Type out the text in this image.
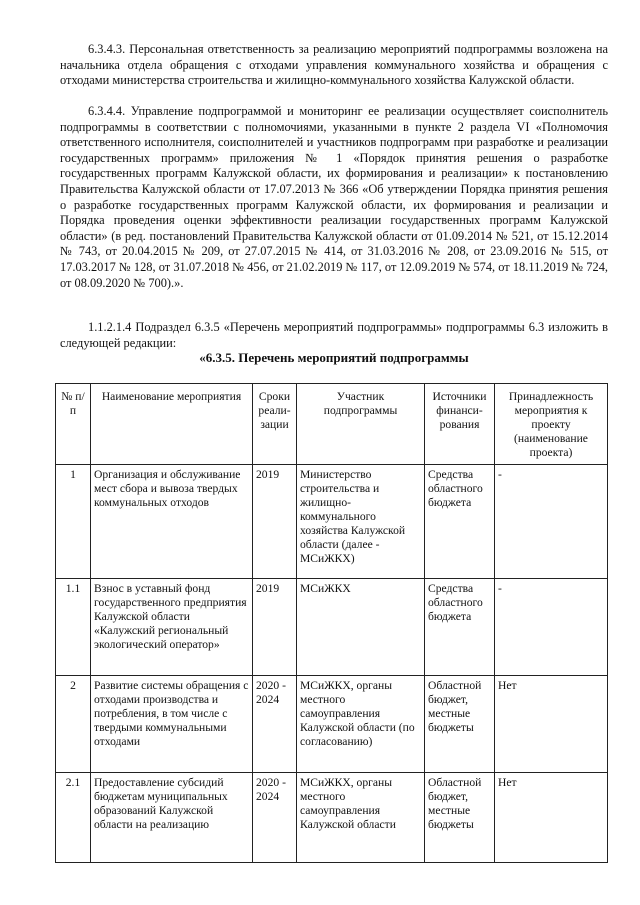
6.3.4.3. Персональная ответственность за реализацию мероприятий подпрограммы возложена на начальника отдела обращения с отходами управления коммунального хозяйства и обращения с отходами министерства строительства и жилищно-коммунального хозяйства Калужской области.

6.3.4.4. Управление подпрограммой и мониторинг ее реализации осуществляет соисполнитель подпрограммы в соответствии с полномочиями, указанными в пункте 2 раздела VI «Полномочия ответственного исполнителя, соисполнителей и участников подпрограмм при разработке и реализации государственных программ» приложения № 1 «Порядок принятия решения о разработке государственных программ Калужской области, их формирования и реализации» к постановлению Правительства Калужской области от 17.07.2013 № 366 «Об утверждении Порядка принятия решения о разработке государственных программ Калужской области, их формирования и реализации и Порядка проведения оценки эффективности реализации государственных программ Калужской области» (в ред. постановлений Правительства Калужской области от 01.09.2014 № 521, от 15.12.2014 № 743, от 20.04.2015 № 209, от 27.07.2015 № 414, от 31.03.2016 № 208, от 23.09.2016 № 515, от 17.03.2017 № 128, от 31.07.2018 № 456, от 21.02.2019 № 117, от 12.09.2019 № 574, от 18.11.2019 № 724, от 08.09.2020 № 700).».

1.1.2.1.4 Подраздел 6.3.5 «Перечень мероприятий подпрограммы» подпрограммы 6.3 изложить в следующей редакции:

«6.3.5. Перечень мероприятий подпрограммы

№ п/п	Наименование мероприятия	Сроки реали-зации	Участник подпрограммы	Источники финанси-рования	Принадлежность мероприятия к проекту (наименование проекта)
1	Организация и обслуживание мест сбора и вывоза твердых коммунальных отходов	2019	Министерство строительства и жилищно-коммунального хозяйства Калужской области (далее - МСиЖКХ)	Средства областного бюджета	-
1.1	Взнос в уставный фонд государственного предприятия Калужской области «Калужский региональный экологический оператор»	2019	МСиЖКХ	Средства областного бюджета	-
2	Развитие системы обращения с отходами производства и потребления, в том числе с твердыми коммунальными отходами	2020 - 2024	МСиЖКХ, органы местного самоуправления Калужской области (по согласованию)	Областной бюджет, местные бюджеты	Нет
2.1	Предоставление субсидий бюджетам муниципальных образований Калужской области на реализацию	2020 - 2024	МСиЖКХ, органы местного самоуправления Калужской области	Областной бюджет, местные бюджеты	Нет
